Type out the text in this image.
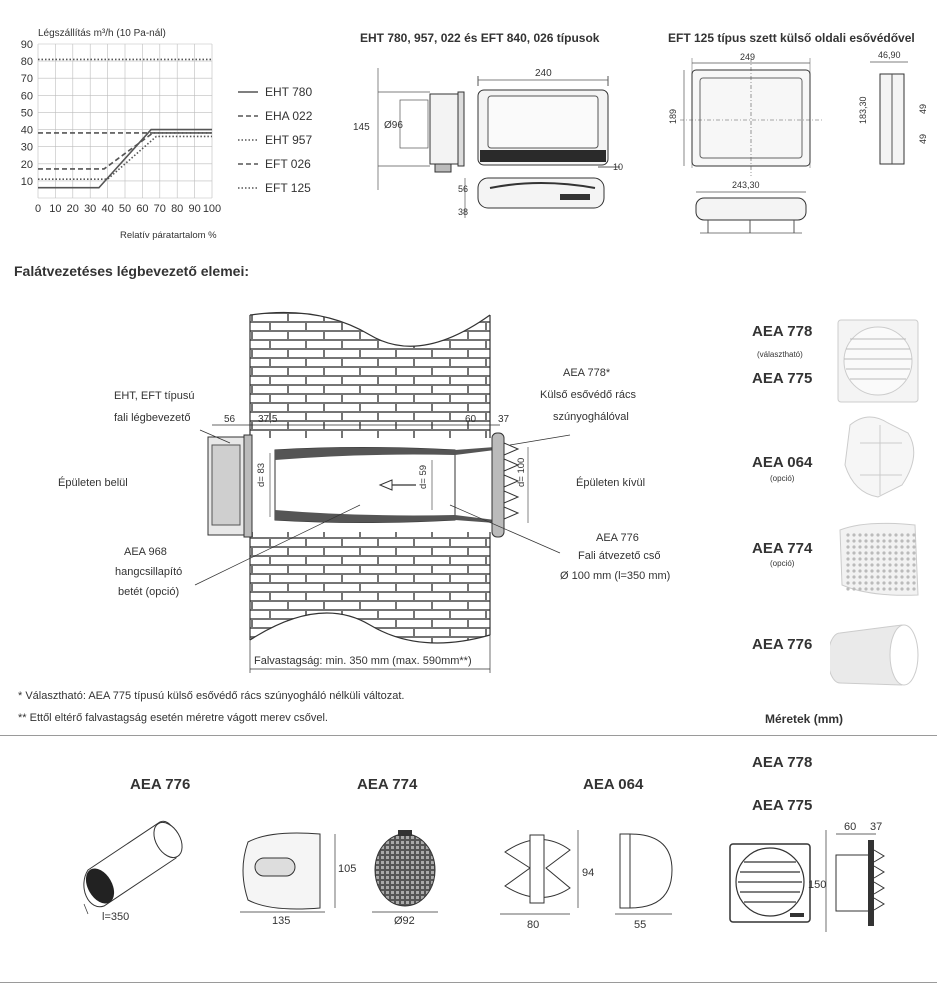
Légszállítás m³/h (10 Pa-nál)
0 10 20 30 40 50 60 70 80 90 100
10
20
30
40
50
60
70
80
90
Relatív páratartalom %
EHT 780
EHA 022
EHT 957
EFT 026
EFT 125
EHT 780, 957, 022 és EFT 840, 026 típusok
145 Ø96
240
10
56
38
EFT 125 típus szett külső oldali esővédővel
249
189
46,90
183,30	49
49
243,30
Falátvezetéses légbevezető elemei:
56 37,5	60 37
d= 83	d= 59	d= 100
Falvastagság: min. 350 mm (max. 590mm**)
EHT, EFT típusú
fali légbevezető
Épületen belül	Épületen kívül
AEA 778*
Külső esővédő rács
szúnyoghálóval
AEA 776
Fali átvezető cső
Ø 100 mm (l=350 mm)
AEA 968
hangcsillapító
betét (opció)
AEA 778
(választható)
AEA 775
AEA 064
(opció)
AEA 774
(opció)
AEA 776
* Választható: AEA 775 típusú külső esővédő rács szúnyogháló nélküli változat.
** Ettől eltérő falvastagság esetén méretre vágott merev csővel.	Méretek (mm)
AEA 776	AEA 774	AEA 064
AEA 778
AEA 775
l=350
105
135	Ø92
94
80	55
150
60 37
